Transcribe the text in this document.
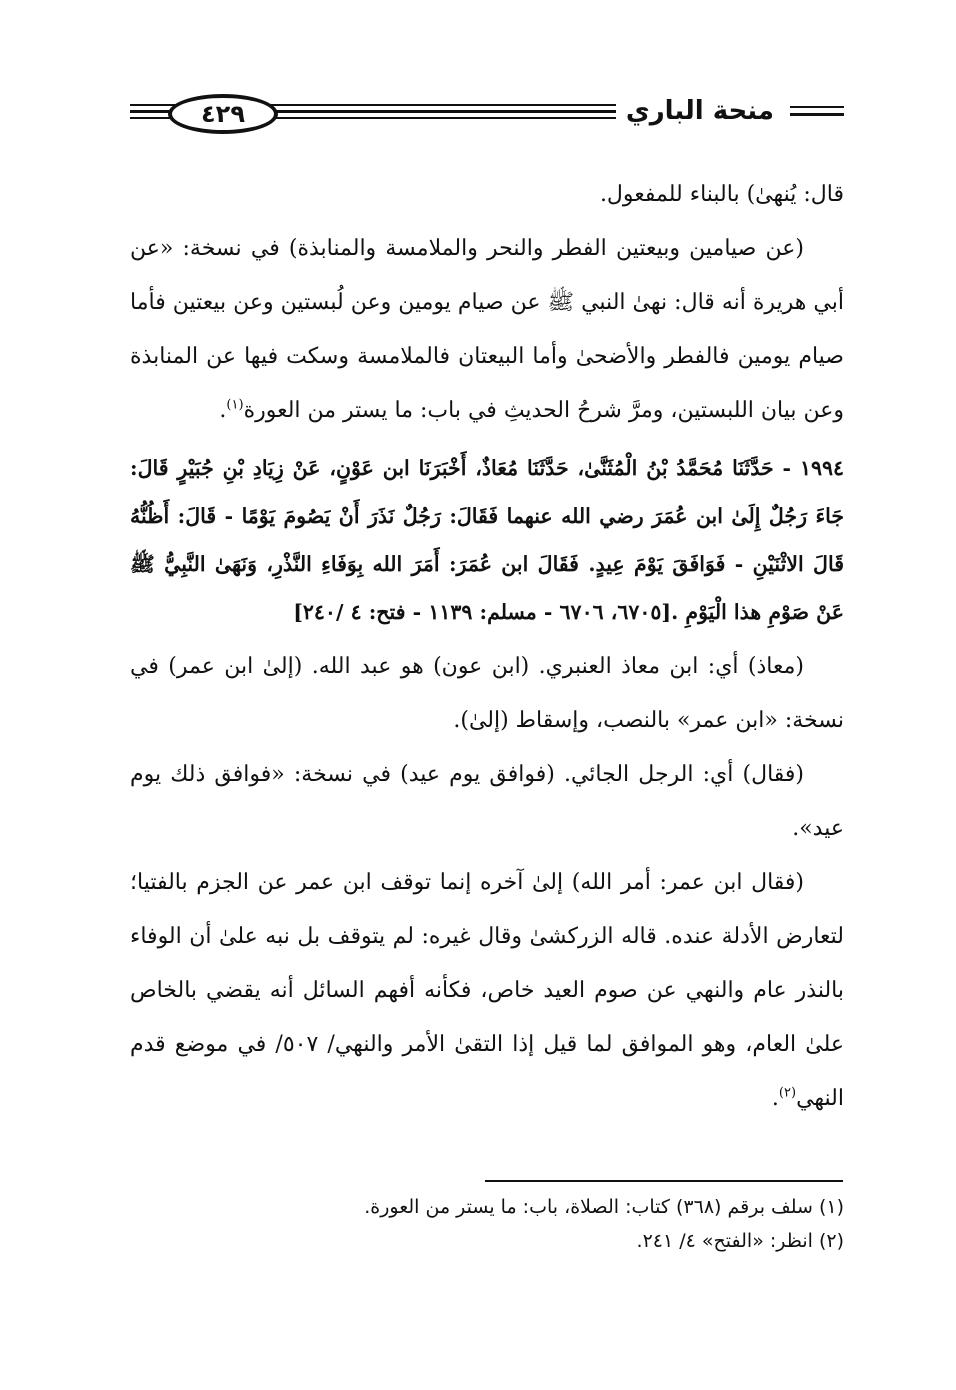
٤٢٩	منحة الباري

قال: يُنهىٰ) بالبناء للمفعول.

(عن صيامين وبيعتين الفطر والنحر والملامسة والمنابذة) في نسخة: «عن أبي هريرة أنه قال: نهىٰ النبي ﷺ عن صيام يومين وعن لُبستين وعن بيعتين فأما صيام يومين فالفطر والأضحىٰ وأما البيعتان فالملامسة وسكت فيها عن المنابذة وعن بيان اللبستين، ومرَّ شرحُ الحديثِ في باب: ما يستر من العورة$^{(١)}$.

١٩٩٤ - حَدَّثَنَا مُحَمَّدُ بْنُ الْمُثَنَّىٰ، حَدَّثَنَا مُعَاذٌ، أَخْبَرَنَا ابن عَوْنٍ، عَنْ زِيَادِ بْنِ جُبَيْرٍ قَالَ: جَاءَ رَجُلٌ إِلَىٰ ابن عُمَرَ رضي الله عنهما فَقَالَ: رَجُلٌ نَذَرَ أَنْ يَصُومَ يَوْمًا - قَالَ: أَظُنُّهُ قَالَ الاثْنَيْنِ - فَوَافَقَ يَوْمَ عِيدٍ. فَقَالَ ابن عُمَرَ: أَمَرَ الله بِوَفَاءِ النَّذْرِ، وَنَهَىٰ النَّبِيُّ ﷺ عَنْ صَوْمِ هذا الْيَوْمِ .[٦٧٠٥، ٦٧٠٦ - مسلم: ١١٣٩ - فتح: ٤ /٢٤٠]

(معاذ) أي: ابن معاذ العنبري. (ابن عون) هو عبد الله. (إلىٰ ابن عمر) في نسخة: «ابن عمر» بالنصب، وإسقاط (إلىٰ).

(فقال) أي: الرجل الجائي. (فوافق يوم عيد) في نسخة: «فوافق ذلك يوم عيد».

(فقال ابن عمر: أمر الله) إلىٰ آخره إنما توقف ابن عمر عن الجزم بالفتيا؛ لتعارض الأدلة عنده. قاله الزركشىٰ وقال غيره: لم يتوقف بل نبه علىٰ أن الوفاء بالنذر عام والنهي عن صوم العيد خاص، فكأنه أفهم السائل أنه يقضي بالخاص علىٰ العام، وهو الموافق لما قيل إذا التقىٰ الأمر والنهي/ ٥٠٧/ في موضع قدم النهي$^{(٢)}$.

(١) سلف برقم (٣٦٨) كتاب: الصلاة، باب: ما يستر من العورة.

(٢) انظر: «الفتح» ٤/ ٢٤١.
